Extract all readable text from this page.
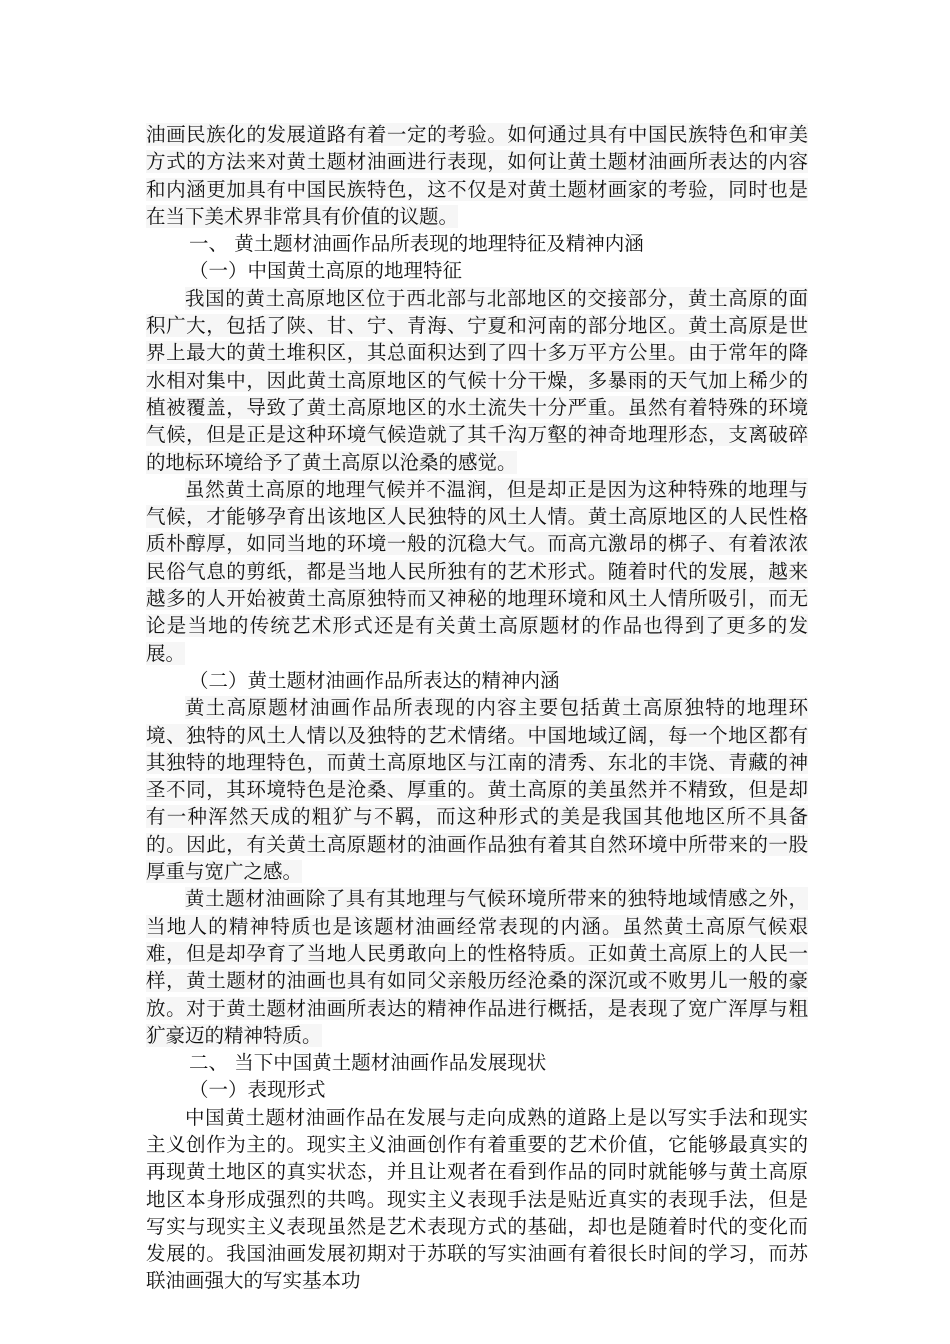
油画民族化的发展道路有着一定的考验。如何通过具有中国民族特色和审美方式的方法来对黄土题材油画进行表现，如何让黄土题材油画所表达的内容和内涵更加具有中国民族特色，这不仅是对黄土题材画家的考验，同时也是在当下美术界非常具有价值的议题。

一、 黄土题材油画作品所表现的地理特征及精神内涵

（一）中国黄土高原的地理特征

我国的黄土高原地区位于西北部与北部地区的交接部分，黄土高原的面积广大，包括了陕、甘、宁、青海、宁夏和河南的部分地区。黄土高原是世界上最大的黄土堆积区，其总面积达到了四十多万平方公里。由于常年的降水相对集中，因此黄土高原地区的气候十分干燥，多暴雨的天气加上稀少的植被覆盖，导致了黄土高原地区的水土流失十分严重。虽然有着特殊的环境气候，但是正是这种环境气候造就了其千沟万壑的神奇地理形态，支离破碎的地标环境给予了黄土高原以沧桑的感觉。

虽然黄土高原的地理气候并不温润，但是却正是因为这种特殊的地理与气候，才能够孕育出该地区人民独特的风土人情。黄土高原地区的人民性格质朴醇厚，如同当地的环境一般的沉稳大气。而高亢激昂的梆子、有着浓浓民俗气息的剪纸，都是当地人民所独有的艺术形式。随着时代的发展，越来越多的人开始被黄土高原独特而又神秘的地理环境和风土人情所吸引，而无论是当地的传统艺术形式还是有关黄土高原题材的作品也得到了更多的发展。

（二）黄土题材油画作品所表达的精神内涵

黄土高原题材油画作品所表现的内容主要包括黄土高原独特的地理环境、独特的风土人情以及独特的艺术情绪。中国地域辽阔，每一个地区都有其独特的地理特色，而黄土高原地区与江南的清秀、东北的丰饶、青藏的神圣不同，其环境特色是沧桑、厚重的。黄土高原的美虽然并不精致，但是却有一种浑然天成的粗犷与不羁，而这种形式的美是我国其他地区所不具备的。因此，有关黄土高原题材的油画作品独有着其自然环境中所带来的一股厚重与宽广之感。

黄土题材油画除了具有其地理与气候环境所带来的独特地域情感之外，当地人的精神特质也是该题材油画经常表现的内涵。虽然黄土高原气候艰难，但是却孕育了当地人民勇敢向上的性格特质。正如黄土高原上的人民一样，黄土题材的油画也具有如同父亲般历经沧桑的深沉或不败男儿一般的豪放。对于黄土题材油画所表达的精神作品进行概括，是表现了宽广浑厚与粗犷豪迈的精神特质。

二、 当下中国黄土题材油画作品发展现状

（一）表现形式

中国黄土题材油画作品在发展与走向成熟的道路上是以写实手法和现实主义创作为主的。现实主义油画创作有着重要的艺术价值，它能够最真实的再现黄土地区的真实状态，并且让观者在看到作品的同时就能够与黄土高原地区本身形成强烈的共鸣。现实主义表现手法是贴近真实的表现手法，但是写实与现实主义表现虽然是艺术表现方式的基础，却也是随着时代的变化而发展的。我国油画发展初期对于苏联的写实油画有着很长时间的学习，而苏联油画强大的写实基本功
